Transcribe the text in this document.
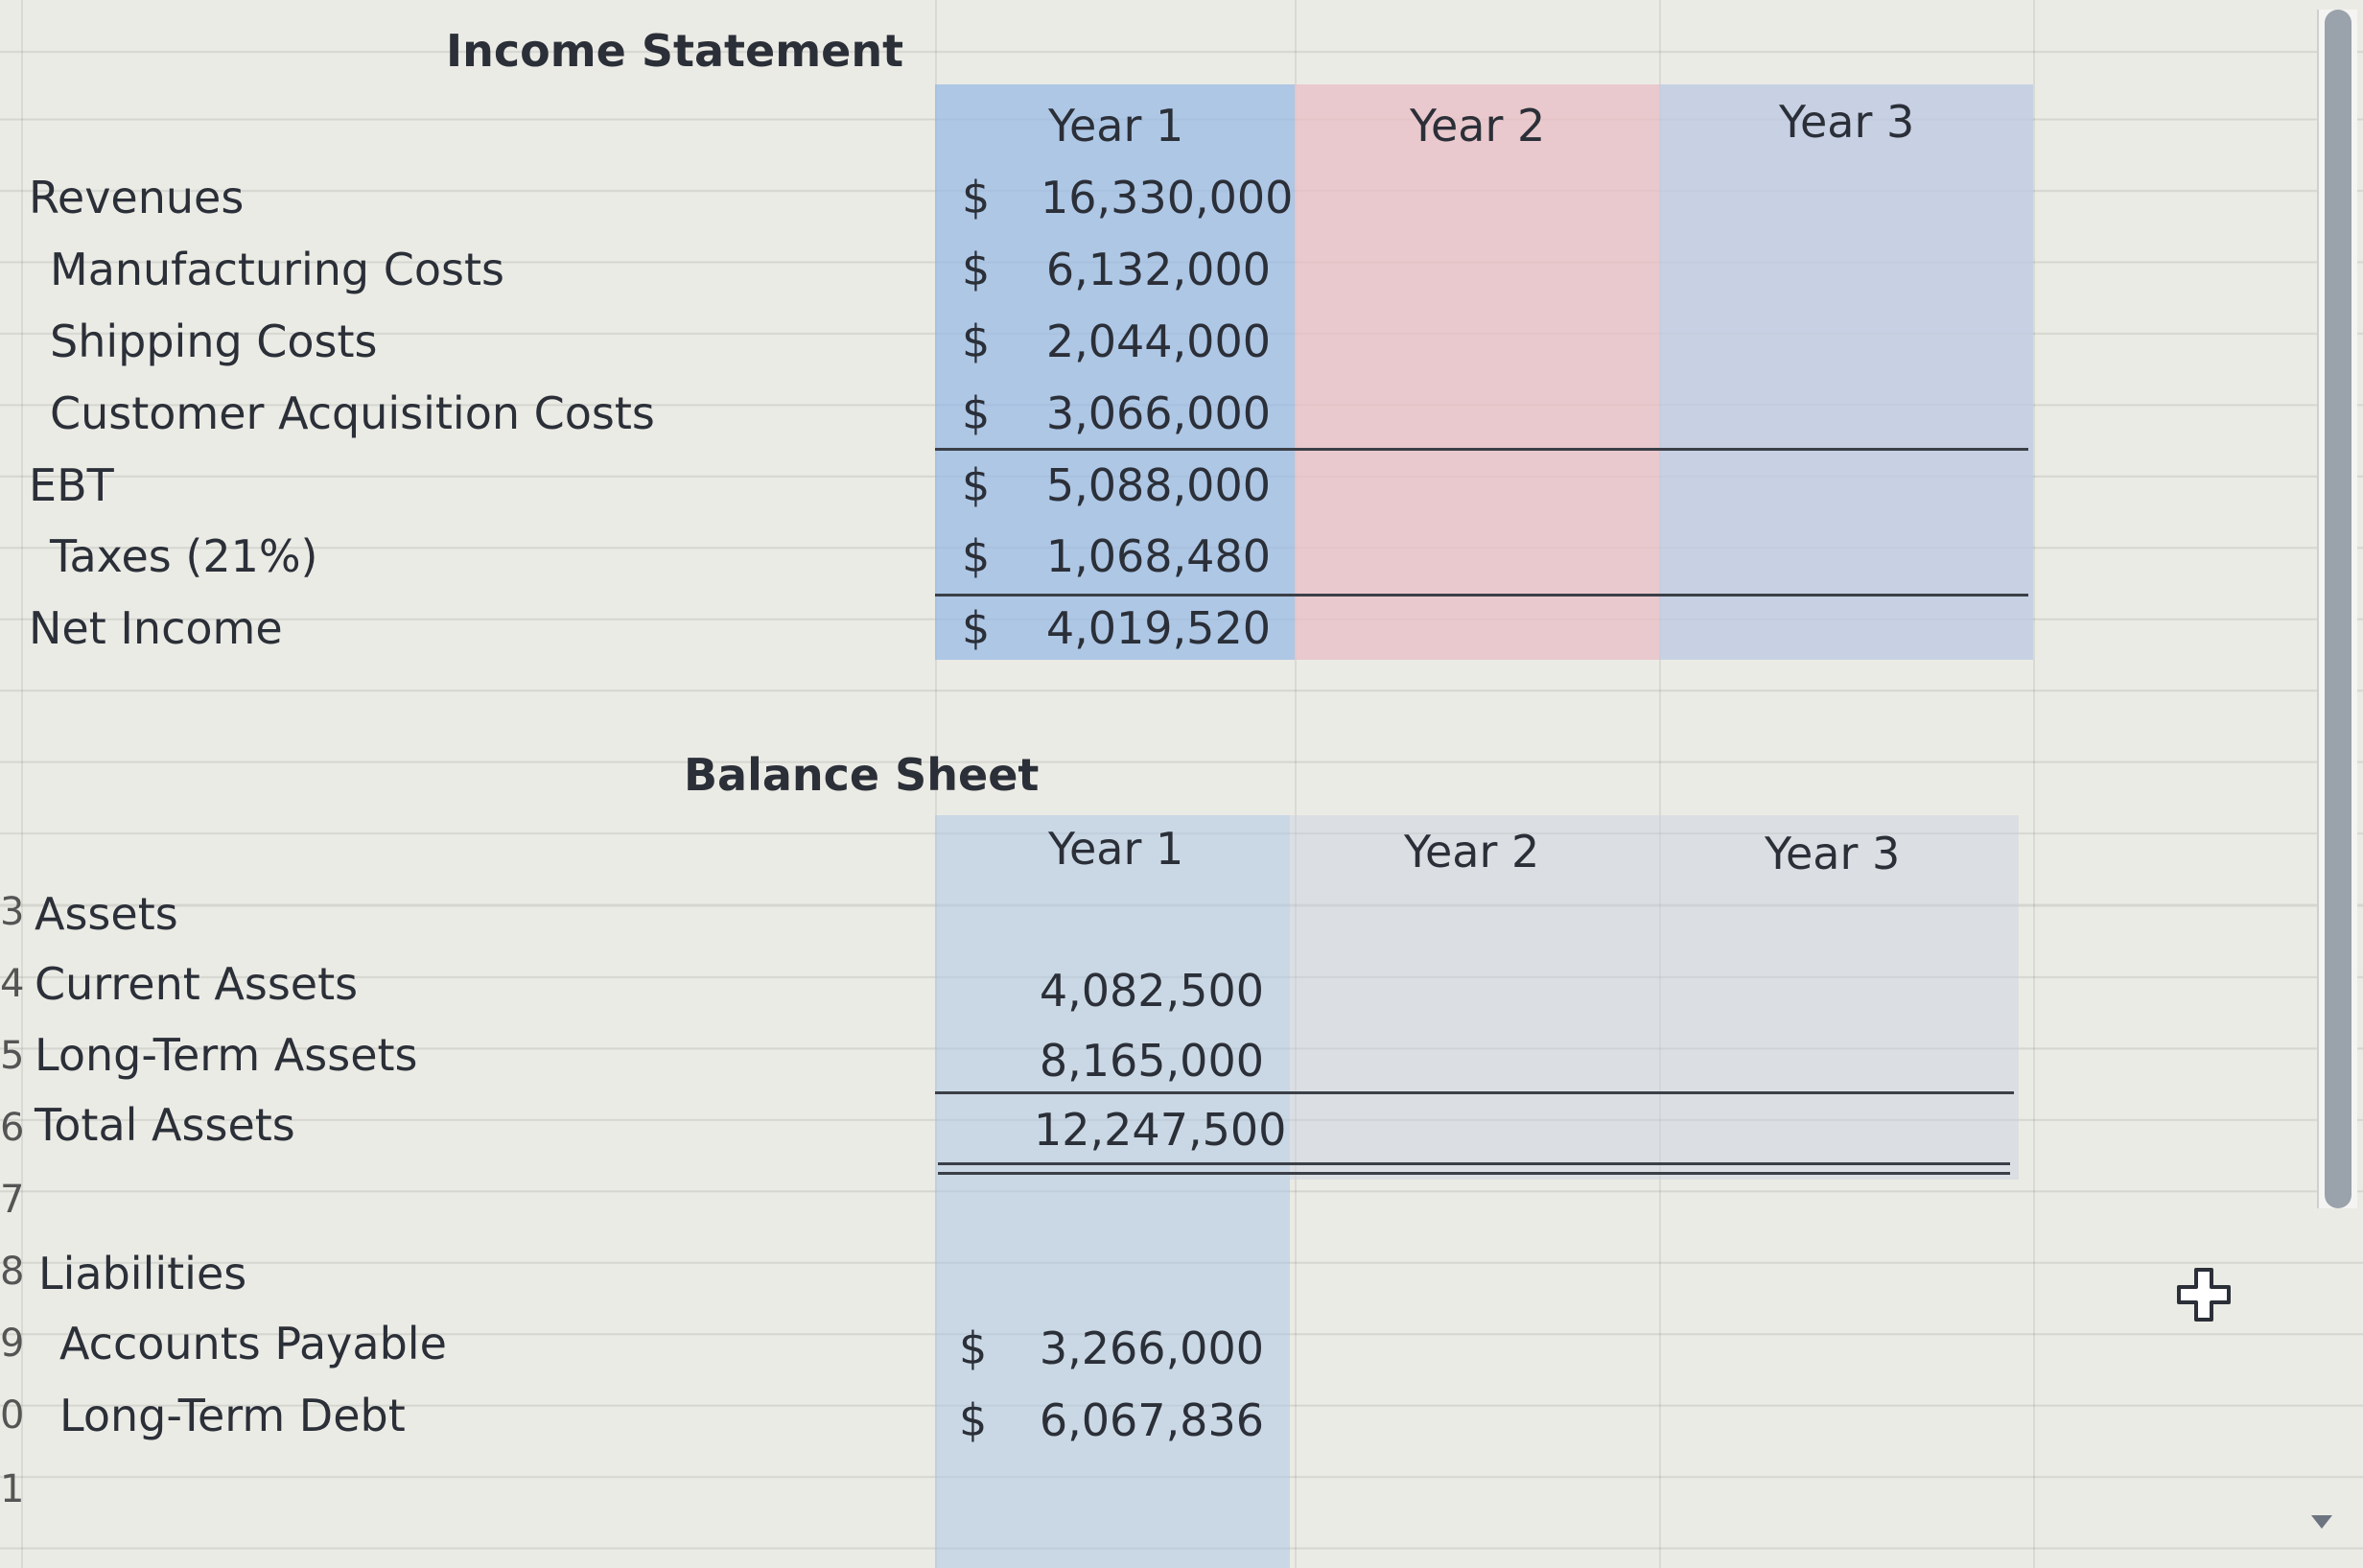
3
4
5
6
7
8
9
0
1
Income Statement
Year 1	Year 2	Year 3
Revenues	$ 16,330,000
Manufacturing Costs	$ 6,132,000
Shipping Costs	$ 2,044,000
Customer Acquisition Costs	$ 3,066,000
EBT	$ 5,088,000
Taxes (21%)	$ 1,068,480
Net Income	$ 4,019,520
Balance Sheet
Year 1	Year 2	Year 3
Assets
Current Assets	4,082,500
Long-Term Assets	8,165,000
Total Assets	12,247,500
Liabilities
Accounts Payable	$ 3,266,000
Long-Term Debt	$ 6,067,836
